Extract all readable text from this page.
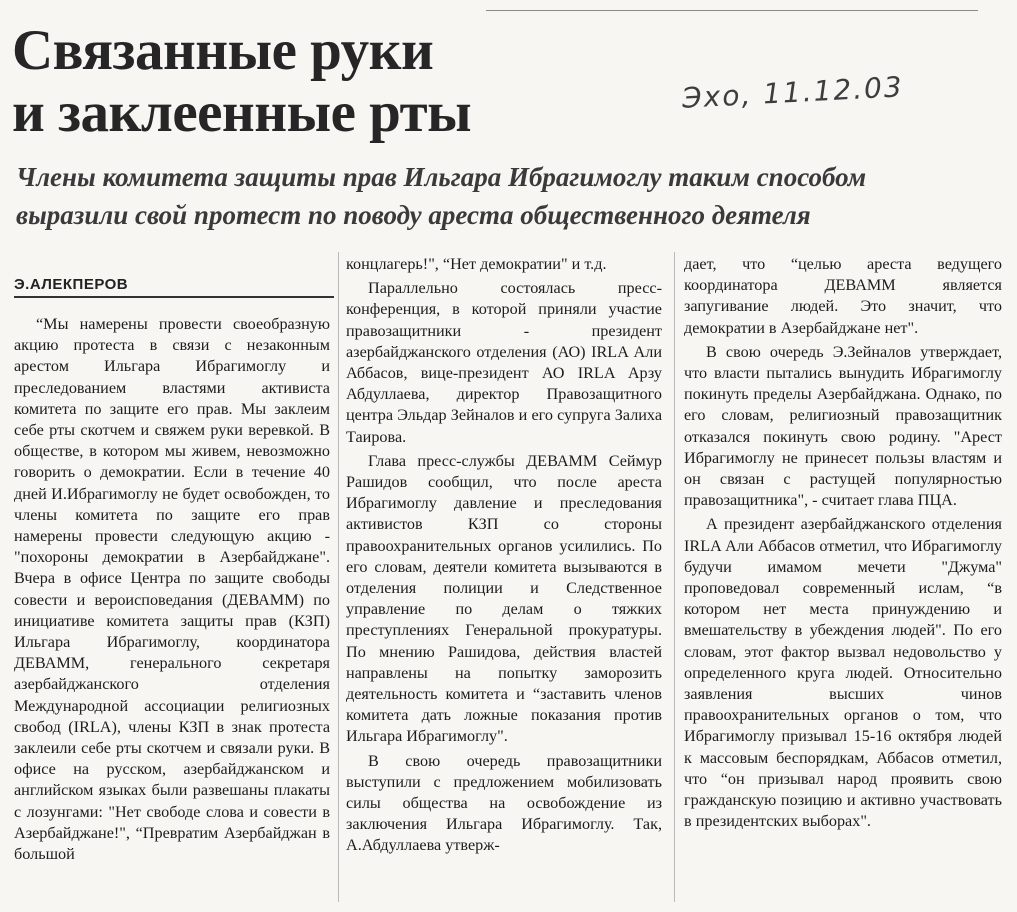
Связанные руки
и заклеенные рты	Эхо, 11.12.03
Члены комитета защиты прав Ильгара Ибрагимоглу таким способом
выразили свой протест по поводу ареста общественного деятеля
Э.АЛЕКПЕРОВ

“Мы намерены провести своеобразную акцию протеста в связи с незаконным арестом Ильгара Ибрагимоглу и преследованием властями активиста комитета по защите его прав. Мы заклеим себе рты скотчем и свяжем руки веревкой. В обществе, в котором мы живем, невозможно говорить о демократии. Если в течение 40 дней И.Ибрагимоглу не будет освобожден, то члены комитета по защите его прав намерены провести следующую акцию - "похороны демократии в Азербайджане". Вчера в офисе Центра по защите свободы совести и вероисповедания (ДЕВАММ) по инициативе комитета защиты прав (КЗП) Ильгара Ибрагимоглу, координатора ДЕВАММ, генерального секретаря азербайджанского отделения Международной ассоциации религиозных свобод (IRLA), члены КЗП в знак протеста заклеили себе рты скотчем и связали руки. В офисе на русском, азербайджанском и английском языках были развешаны плакаты с лозунгами: "Нет свободе слова и совести в Азербайджане!", “Превратим Азербайджан в большой

концлагерь!", “Нет демократии" и т.д.

Параллельно состоялась пресс-конференция, в которой приняли участие правозащитники - президент азербайджанского отделения (АО) IRLA Али Аббасов, вице-президент АО IRLA Арзу Абдуллаева, директор Правозащитного центра Эльдар Зейналов и его супруга Залиха Таирова.

Глава пресс-службы ДЕВАММ Сеймур Рашидов сообщил, что после ареста Ибрагимоглу давление и преследования активистов КЗП со стороны правоохранительных органов усилились. По его словам, деятели комитета вызываются в отделения полиции и Следственное управление по делам о тяжких преступлениях Генеральной прокуратуры. По мнению Рашидова, действия властей направлены на попытку заморозить деятельность комитета и “заставить членов комитета дать ложные показания против Ильгара Ибрагимоглу".

В свою очередь правозащитники выступили с предложением мобилизовать силы общества на освобождение из заключения Ильгара Ибрагимоглу. Так, А.Абдуллаева утверж-

дает, что “целью ареста ведущего координатора ДЕВАММ является запугивание людей. Это значит, что демократии в Азербайджане нет".

В свою очередь Э.Зейналов утверждает, что власти пытались вынудить Ибрагимоглу покинуть пределы Азербайджана. Однако, по его словам, религиозный правозащитник отказался покинуть свою родину. "Арест Ибрагимоглу не принесет пользы властям и он связан с растущей популярностью правозащитника", - считает глава ПЦА.

А президент азербайджанского отделения IRLA Али Аббасов отметил, что Ибрагимоглу будучи имамом мечети "Джума" проповедовал современный ислам, “в котором нет места принуждению и вмешательству в убеждения людей". По его словам, этот фактор вызвал недовольство у определенного круга людей. Относительно заявления высших чинов правоохранительных органов о том, что Ибрагимоглу призывал 15-16 октября людей к массовым беспорядкам, Аббасов отметил, что “он призывал народ проявить свою гражданскую позицию и активно участвовать в президентских выборах".
